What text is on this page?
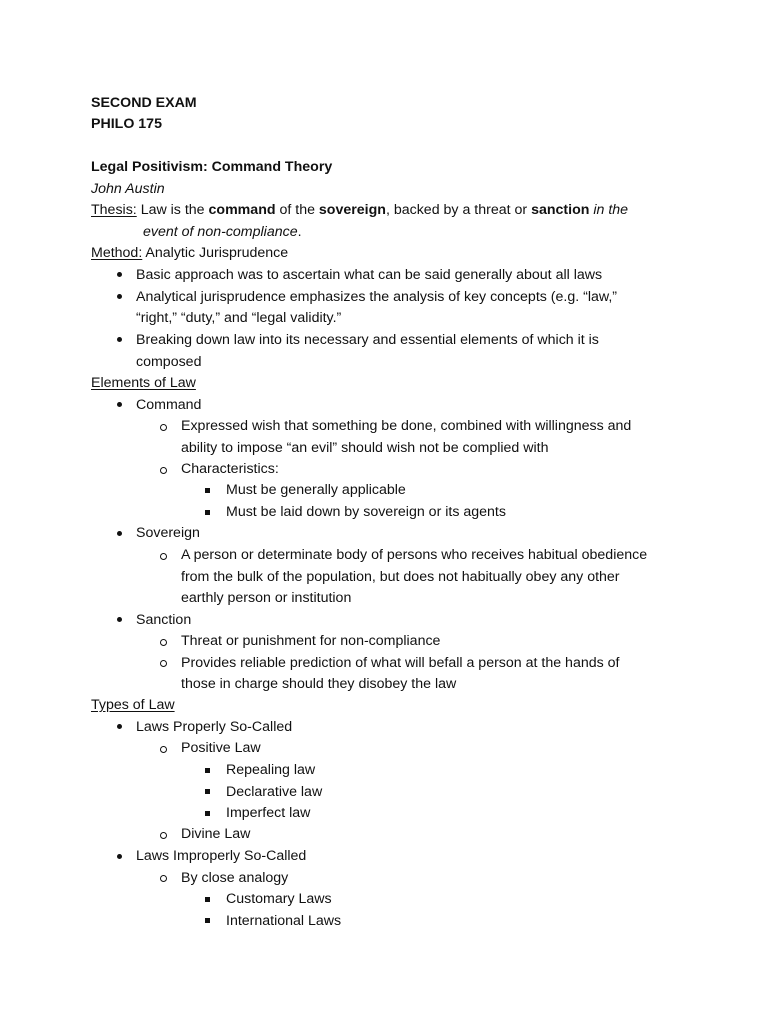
SECOND EXAM
PHILO 175
Legal Positivism: Command Theory
John Austin
Thesis: Law is the command of the sovereign, backed by a threat or sanction in the
event of non-compliance.
Method: Analytic Jurisprudence
Basic approach was to ascertain what can be said generally about all laws
Analytical jurisprudence emphasizes the analysis of key concepts (e.g. “law,”
“right,” “duty,” and “legal validity.”
Breaking down law into its necessary and essential elements of which it is
composed
Elements of Law
Command
Expressed wish that something be done, combined with willingness and
ability to impose “an evil” should wish not be complied with
Characteristics:
Must be generally applicable
Must be laid down by sovereign or its agents
Sovereign
A person or determinate body of persons who receives habitual obedience
from the bulk of the population, but does not habitually obey any other
earthly person or institution
Sanction
Threat or punishment for non-compliance
Provides reliable prediction of what will befall a person at the hands of
those in charge should they disobey the law
Types of Law
Laws Properly So-Called
Positive Law
Repealing law
Declarative law
Imperfect law
Divine Law
Laws Improperly So-Called
By close analogy
Customary Laws
International Laws
